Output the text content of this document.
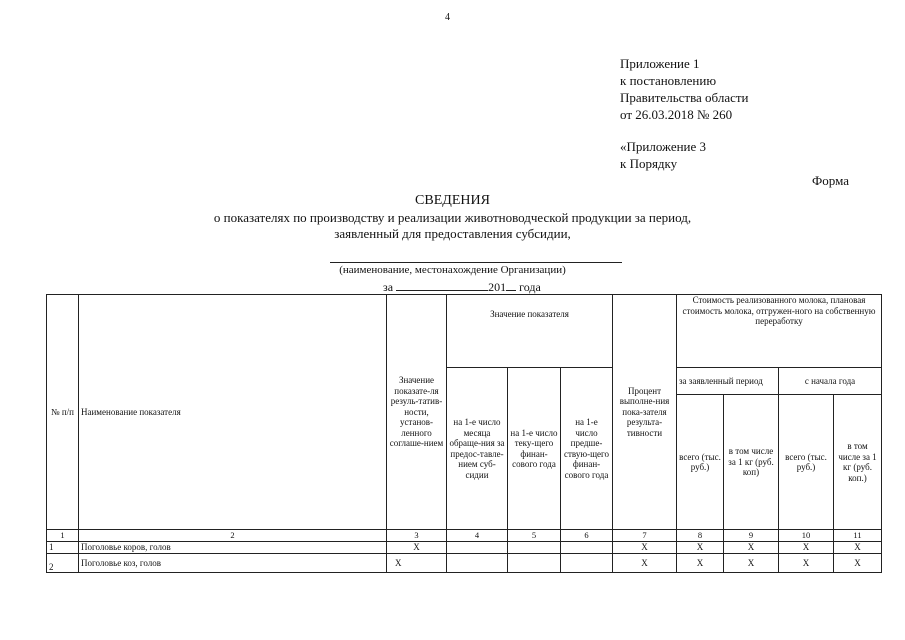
4
Приложение 1
к постановлению
Правительства области
от 26.03.2018 № 260
«Приложение 3
к Порядку
Форма
СВЕДЕНИЯ
о показателях по производству и реализации животноводческой продукции за период,
заявленный для предоставления субсидии,
(наименование, местонахождение Организации)
за	201 года
№ п/п	Наименование показателя	Значение показате-ля резуль-татив-ности, установ-ленного соглаше-нием	Значение показателя			Процент выполне-ния пока-зателя результа-тивности	Стоимость реализованного молока, плановая стоимость молока, отгружен-ного на собственную переработку			
			на 1-е число месяца обраще-ния за предос-тавле-нием суб-сидии	на 1-е число теку-щего финан-сового года	на 1-е число предше-ствую-щего финан-сового года		за заявленный период		с начала года	
							всего (тыс. руб.)	в том числе за 1 кг (руб. коп)	всего (тыс. руб.)	в том числе за 1 кг (руб. коп.)
1	2	3	4	5	6	7	8	9	10	11
1	Поголовье коров, голов	X				X	X	X	X	X
2	Поголовье коз, голов	X				X	X	X	X	X
